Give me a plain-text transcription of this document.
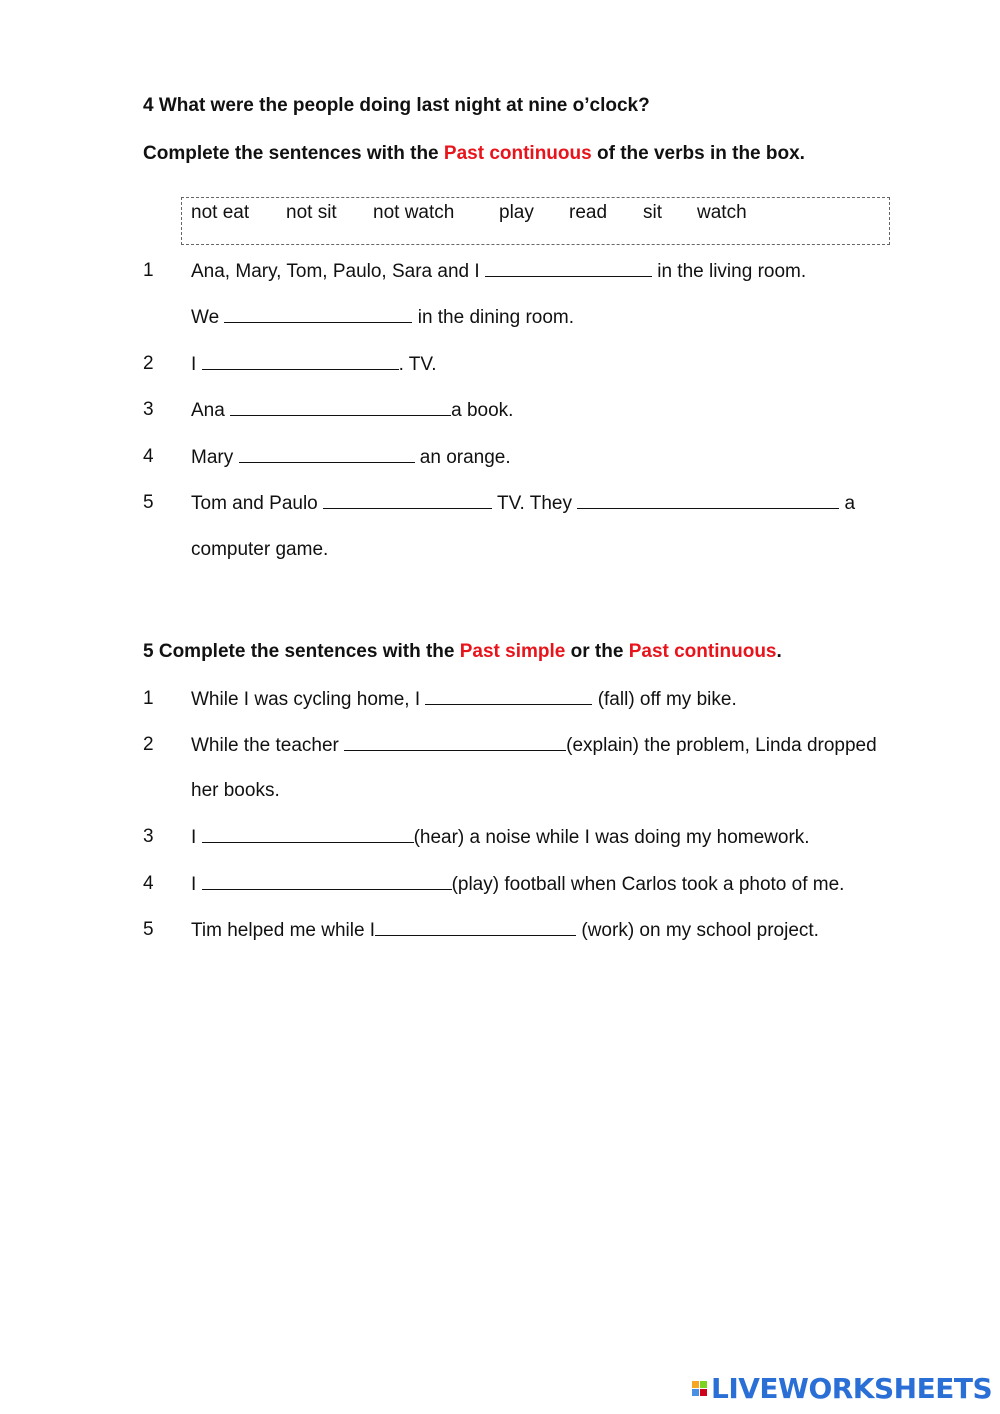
4 What were the people doing last night at nine o’clock?
Complete the sentences with the Past continuous of the verbs in the box.
not eat not sit not watch play read sit watch
1 Ana, Mary, Tom, Paulo, Sara and I	in the living room.
We	in the dining room.
2 I	. TV.
3 Ana	a book.
4 Mary	an orange.
5 Tom and Paulo	TV. They	a
computer game.
5 Complete the sentences with the Past simple or the Past continuous.
1 While I was cycling home, I	(fall) off my bike.
2 While the teacher	(explain) the problem, Linda dropped
her books.
3 I	(hear) a noise while I was doing my homework.
4 I	(play) football when Carlos took a photo of me.
5 Tim helped me while I	(work) on my school project.
LIVEWORKSHEETS
